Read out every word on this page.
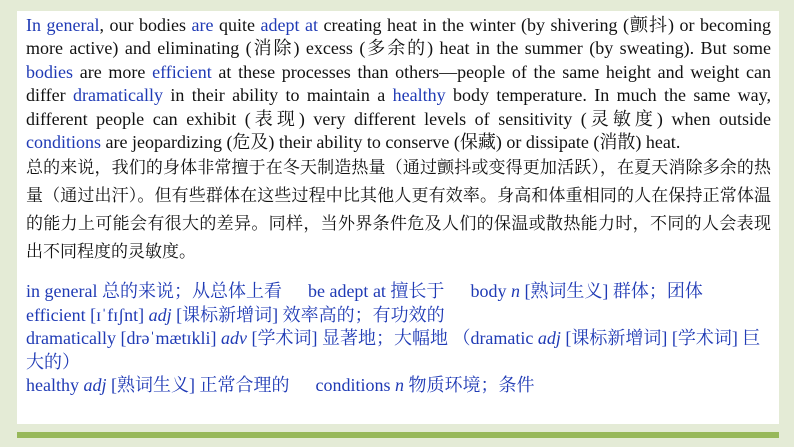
In general, our bodies are quite adept at creating heat in the winter (by shivering (颤抖) or becoming more active) and eliminating (消除) excess (多余的) heat in the summer (by sweating). But some bodies are more efficient at these processes than others—people of the same height and weight can differ dramatically in their ability to maintain a healthy body temperature. In much the same way, different people can exhibit (表现) very different levels of sensitivity (灵敏度) when outside conditions are jeopardizing (危及) their ability to conserve (保藏) or dissipate (消散) heat.

总的来说，我们的身体非常擅于在冬天制造热量（通过颤抖或变得更加活跃），在夏天消除多余的热量（通过出汗）。但有些群体在这些过程中比其他人更有效率。身高和体重相同的人在保持正常体温的能力上可能会有很大的差异。同样，当外界条件危及人们的保温或散热能力时，不同的人会表现出不同程度的灵敏度。

in general 总的来说；从总体上看 be adept at 擅长于 body n [熟词生义] 群体；团体
efficient [ɪˈfɪʃnt] adj [课标新增词] 效率高的；有功效的
dramatically [drəˈmætɪkli] adv [学术词] 显著地；大幅地 （dramatic adj [课标新增词] [学术词] 巨大的）
healthy adj [熟词生义] 正常合理的 conditions n 物质环境；条件
